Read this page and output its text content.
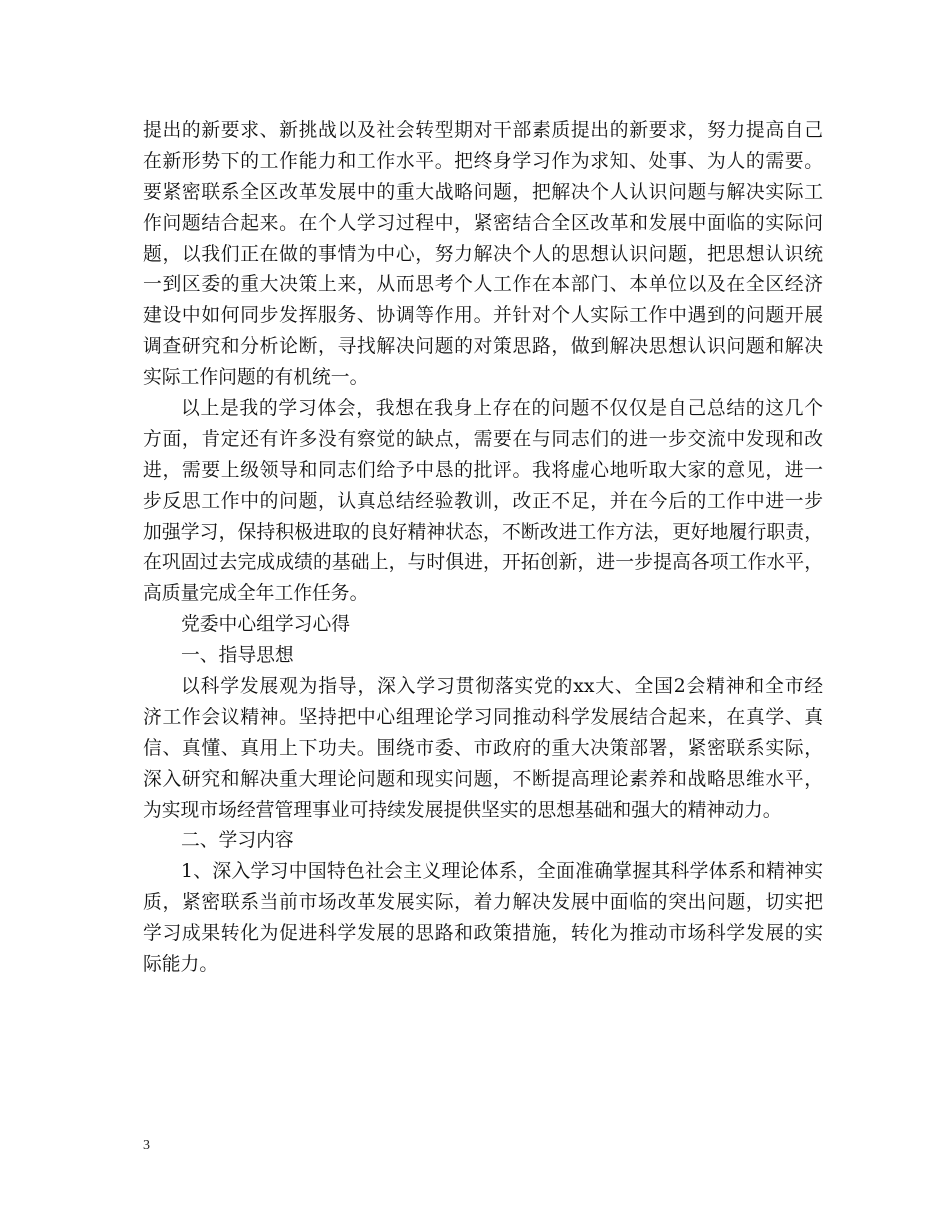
提出的新要求、新挑战以及社会转型期对干部素质提出的新要求，努力提高自己
在新形势下的工作能力和工作水平。把终身学习作为求知、处事、为人的需要。
要紧密联系全区改革发展中的重大战略问题，把解决个人认识问题与解决实际工
作问题结合起来。在个人学习过程中，紧密结合全区改革和发展中面临的实际问
题，以我们正在做的事情为中心，努力解决个人的思想认识问题，把思想认识统
一到区委的重大决策上来，从而思考个人工作在本部门、本单位以及在全区经济
建设中如何同步发挥服务、协调等作用。并针对个人实际工作中遇到的问题开展
调查研究和分析论断，寻找解决问题的对策思路，做到解决思想认识问题和解决
实际工作问题的有机统一。
以上是我的学习体会，我想在我身上存在的问题不仅仅是自己总结的这几个
方面，肯定还有许多没有察觉的缺点，需要在与同志们的进一步交流中发现和改
进，需要上级领导和同志们给予中恳的批评。我将虚心地听取大家的意见，进一
步反思工作中的问题，认真总结经验教训，改正不足，并在今后的工作中进一步
加强学习，保持积极进取的良好精神状态，不断改进工作方法，更好地履行职责，
在巩固过去完成成绩的基础上，与时俱进，开拓创新，进一步提高各项工作水平，
高质量完成全年工作任务。
党委中心组学习心得
一、指导思想
以科学发展观为指导，深入学习贯彻落实党的xx大、全国2会精神和全市经
济工作会议精神。坚持把中心组理论学习同推动科学发展结合起来，在真学、真
信、真懂、真用上下功夫。围绕市委、市政府的重大决策部署，紧密联系实际，
深入研究和解决重大理论问题和现实问题，不断提高理论素养和战略思维水平，
为实现市场经营管理事业可持续发展提供坚实的思想基础和强大的精神动力。
二、学习内容
1、深入学习中国特色社会主义理论体系，全面准确掌握其科学体系和精神实
质，紧密联系当前市场改革发展实际，着力解决发展中面临的突出问题，切实把
学习成果转化为促进科学发展的思路和政策措施，转化为推动市场科学发展的实
际能力。
3
